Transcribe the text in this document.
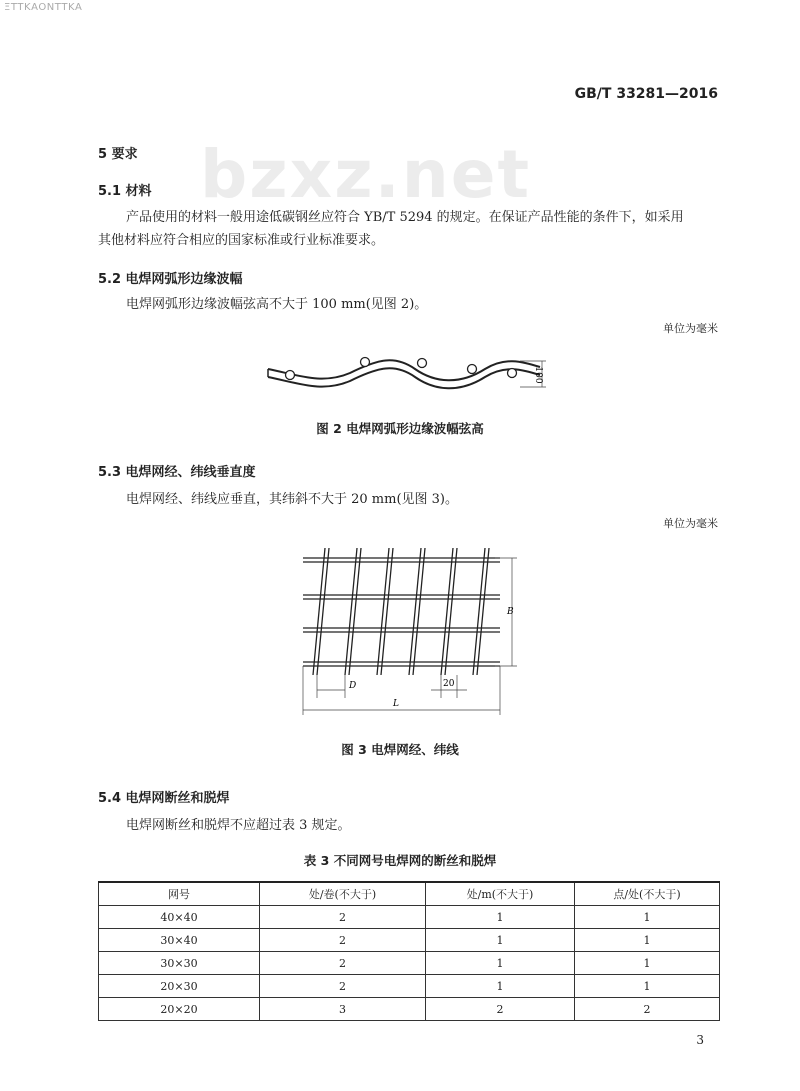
ΞΤΤΚΑΟΝΤΤΚΑ
GB/T 33281—2016
bzxz.net
5 要求
5.1 材料
产品使用的材料一般用途低碳钢丝应符合 YB/T 5294 的规定。在保证产品性能的条件下，如采用
其他材料应符合相应的国家标准或行业标准要求。
5.2 电焊网弧形边缘波幅
电焊网弧形边缘波幅弦高不大于 100 mm(见图 2)。
单位为毫米
100
图 2 电焊网弧形边缘波幅弦高
5.3 电焊网经、纬线垂直度
电焊网经、纬线应垂直，其纬斜不大于 20 mm(见图 3)。
单位为毫米
B
D	20
L
图 3 电焊网经、纬线
5.4 电焊网断丝和脱焊
电焊网断丝和脱焊不应超过表 3 规定。
表 3 不同网号电焊网的断丝和脱焊
网号	处/卷(不大于)	处/m(不大于)	点/处(不大于)
40×40	2	1	1
30×40	2	1	1
30×30	2	1	1
20×30	2	1	1
20×20	3	2	2
3
